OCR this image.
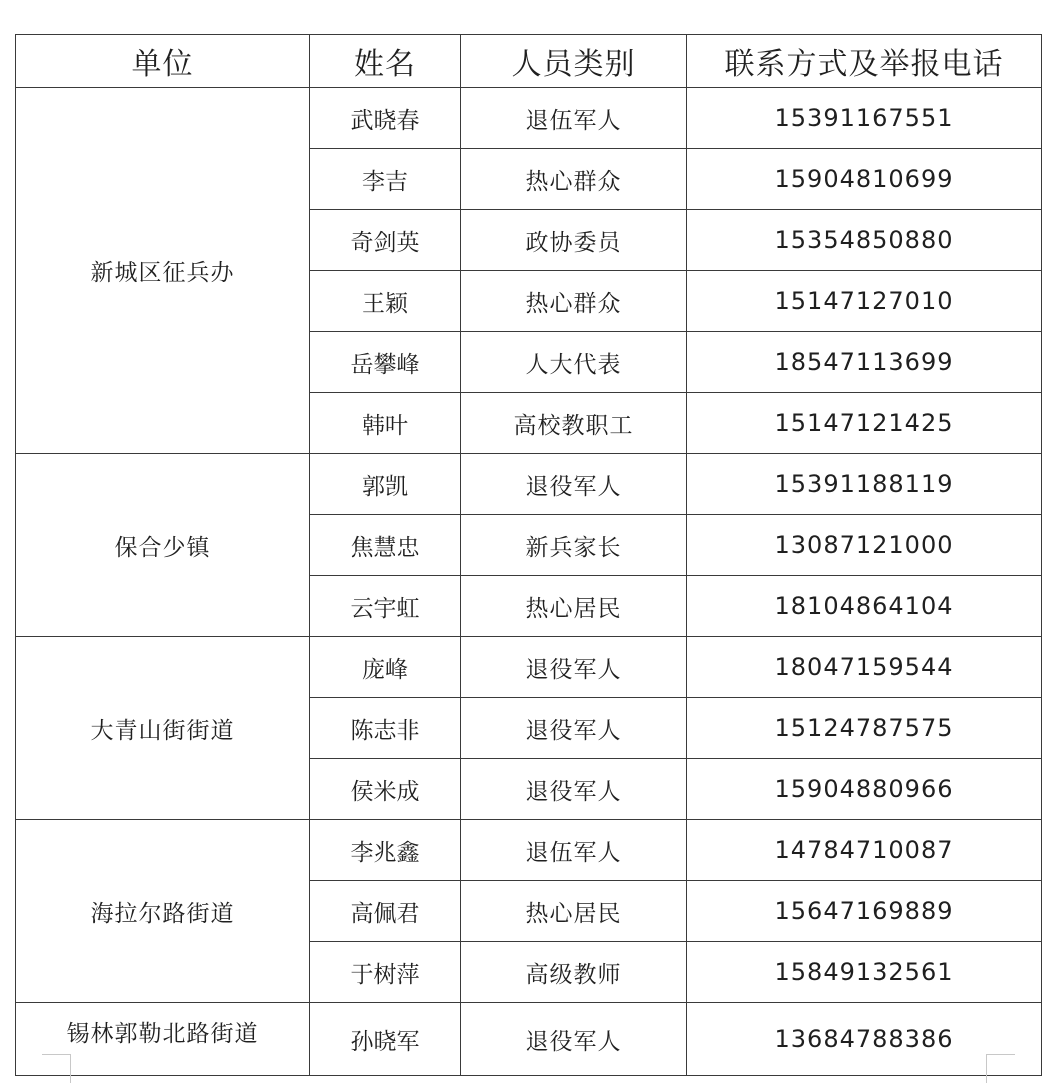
单位	姓名	人员类别	联系方式及举报电话
新城区征兵办	武晓春	退伍军人	15391167551
	李吉	热心群众	15904810699
	奇剑英	政协委员	15354850880
	王颖	热心群众	15147127010
	岳攀峰	人大代表	18547113699
	韩叶	高校教职工	15147121425
保合少镇	郭凯	退役军人	15391188119
	焦慧忠	新兵家长	13087121000
	云宇虹	热心居民	18104864104
大青山街街道	庞峰	退役军人	18047159544
	陈志非	退役军人	15124787575
	侯米成	退役军人	15904880966
海拉尔路街道	李兆鑫	退伍军人	14784710087
	高佩君	热心居民	15647169889
	于树萍	高级教师	15849132561
锡林郭勒北路街道	孙晓军	退役军人	13684788386
